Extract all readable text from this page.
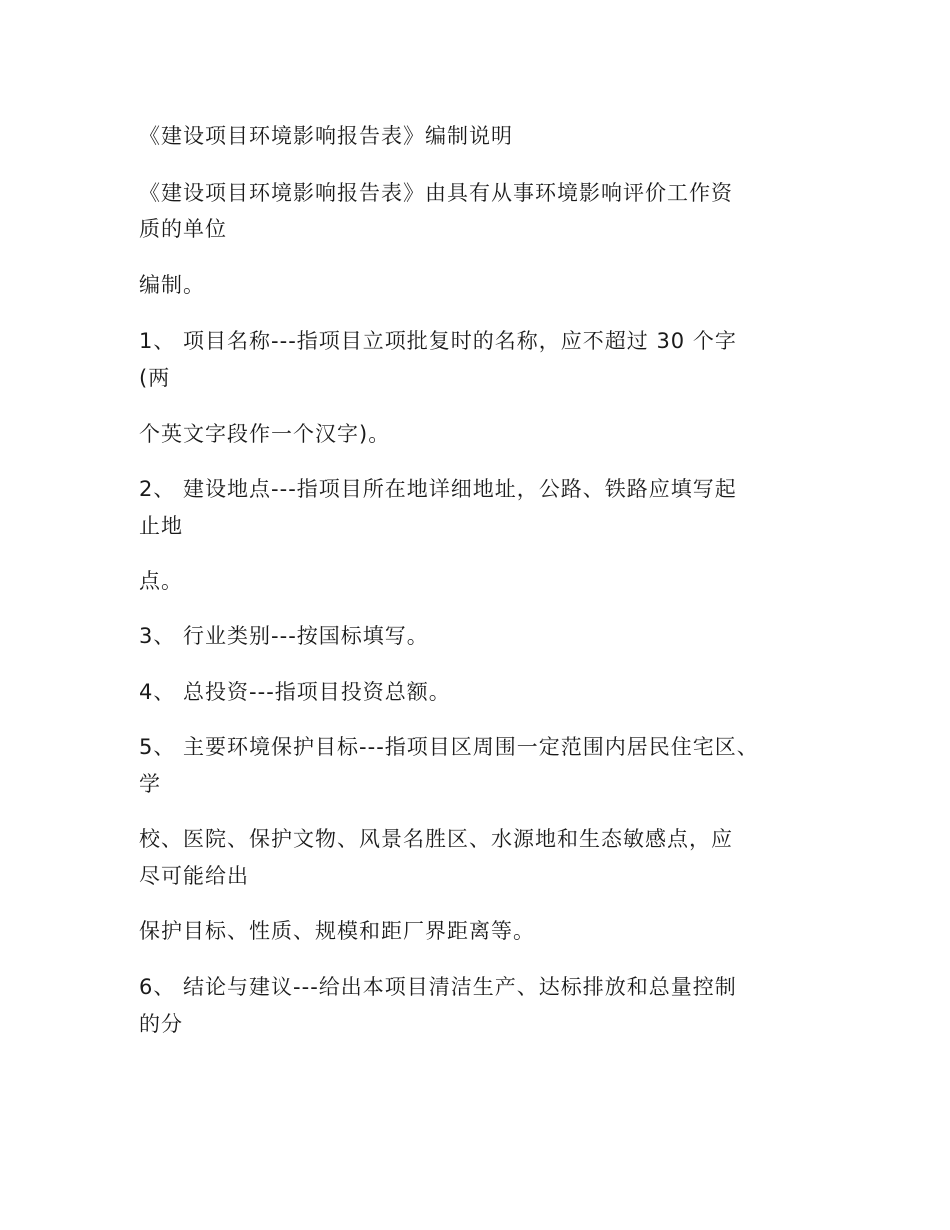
《建设项目环境影响报告表》编制说明
《建设项目环境影响报告表》由具有从事环境影响评价工作资
质的单位
编制。
1、 项目名称---指项目立项批复时的名称，应不超过 30 个字
(两
个英文字段作一个汉字)。
2、 建设地点---指项目所在地详细地址，公路、铁路应填写起
止地
点。
3、 行业类别---按国标填写。
4、 总投资---指项目投资总额。
5、 主要环境保护目标---指项目区周围一定范围内居民住宅区、
学
校、医院、保护文物、风景名胜区、水源地和生态敏感点，应
尽可能给出
保护目标、性质、规模和距厂界距离等。
6、 结论与建议---给出本项目清洁生产、达标排放和总量控制
的分
